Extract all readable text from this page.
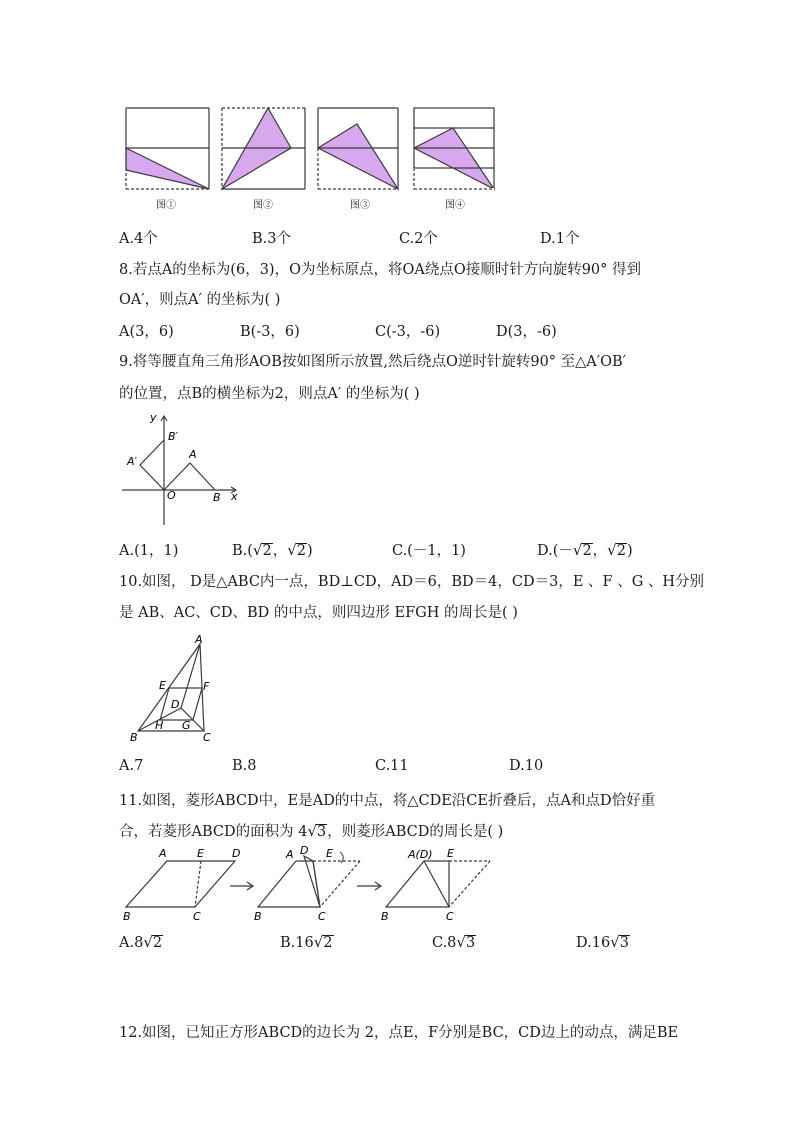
图①	图②	图③	图④
A.4个	B.3个	C.2个	D.1个
8.若点A的坐标为(6，3)，O为坐标原点，将OA绕点O接顺时针方向旋转90° 得到
OA′，则点A′ 的坐标为( )
A(3，6)	B(-3，6)	C(-3，-6)	D(3，-6)
9.将等腰直角三角形AOB按如图所示放置,然后绕点O逆时针旋转90° 至△A′OB′
的位置，点B的横坐标为2，则点A′ 的坐标为( )
y
x
B′
A′
A
O	B
A.(1，1)	B.(√2，√2)	C.(－1，1)	D.(－√2，√2)
10.如图， D是△ABC内一点，BD⊥CD，AD＝6，BD＝4，CD＝3，E 、F 、G 、H分别
是 AB、AC、CD、BD 的中点，则四边形 EFGH 的周长是( )
A
E	F
D
H G
B	C
A.7	B.8	C.11	D.10
11.如图，菱形ABCD中，E是AD的中点，将△CDE沿CE折叠后，点A和点D恰好重
合，若菱形ABCD的面积为 4√3，则菱形ABCD的周长是( )
A	E	D
B	C
A D E
B	C
A(D) E
B	C
A.8√2	B.16√2	C.8√3	D.16√3
12.如图，已知正方形ABCD的边长为 2，点E，F分别是BC，CD边上的动点，满足BE
